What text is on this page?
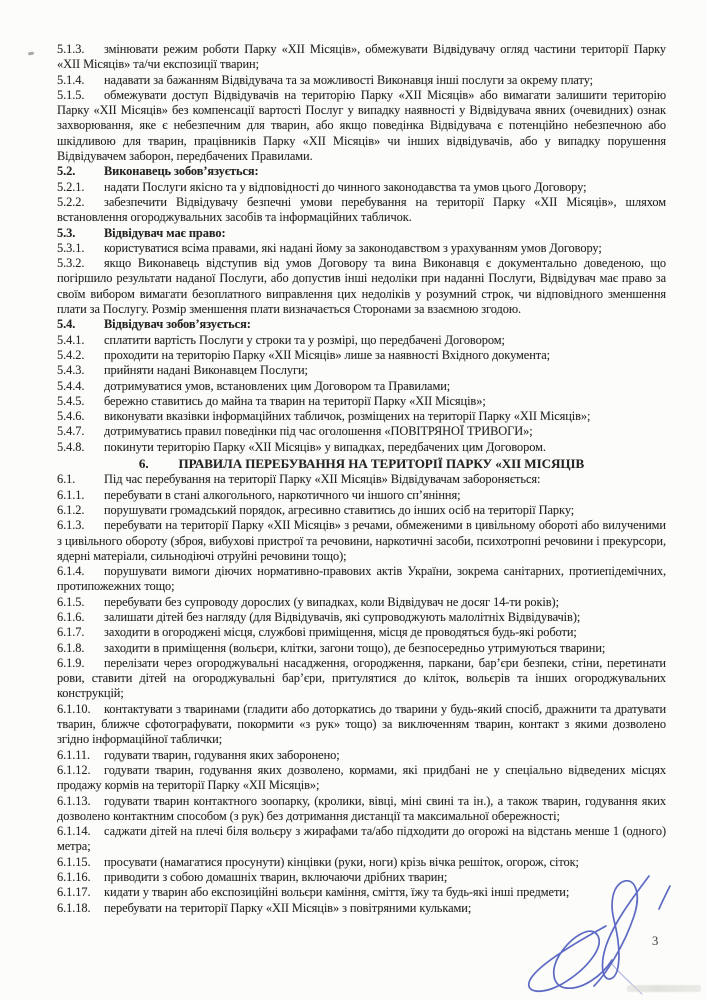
5.1.3. змінювати режим роботи Парку «ХІІ Місяців», обмежувати Відвідувачу огляд частини території Парку «ХІІ Місяців» та/чи експозиції тварин;

5.1.4. надавати за бажанням Відвідувача та за можливості Виконавця інші послуги за окрему плату;

5.1.5. обмежувати доступ Відвідувачів на територію Парку «ХІІ Місяців» або вимагати залишити територію Парку «ХІІ Місяців» без компенсації вартості Послуг у випадку наявності у Відвідувача явних (очевидних) ознак захворювання, яке є небезпечним для тварин, або якщо поведінка Відвідувача є потенційно небезпечною або шкідливою для тварин, працівників Парку «ХІІ Місяців» чи інших відвідувачів, або у випадку порушення Відвідувачем заборон, передбачених Правилами.

5.2. Виконавець зобов’язується:

5.2.1. надати Послуги якісно та у відповідності до чинного законодавства та умов цього Договору;

5.2.2. забезпечити Відвідувачу безпечні умови перебування на території Парку «ХІІ Місяців», шляхом встановлення огороджувальних засобів та інформаційних табличок.

5.3. Відвідувач має право:

5.3.1. користуватися всіма правами, які надані йому за законодавством з урахуванням умов Договору;

5.3.2. якщо Виконавець відступив від умов Договору та вина Виконавця є документально доведеною, що погіршило результати наданої Послуги, або допустив інші недоліки при наданні Послуги, Відвідувач має право за своїм вибором вимагати безоплатного виправлення цих недоліків у розумний строк, чи відповідного зменшення плати за Послугу. Розмір зменшення плати визначається Сторонами за взаємною згодою.

5.4. Відвідувач зобов’язується:

5.4.1. сплатити вартість Послуги у строки та у розмірі, що передбачені Договором;

5.4.2. проходити на територію Парку «ХІІ Місяців» лише за наявності Вхідного документа;

5.4.3. прийняти надані Виконавцем Послуги;

5.4.4. дотримуватися умов, встановлених цим Договором та Правилами;

5.4.5. бережно ставитись до майна та тварин на території Парку «ХІІ Місяців»;

5.4.6. виконувати вказівки інформаційних табличок, розміщених на території Парку «ХІІ Місяців»;

5.4.7. дотримуватись правил поведінки під час оголошення «ПОВІТРЯНОЇ ТРИВОГИ»;

5.4.8. покинути територію Парку «ХІІ Місяців» у випадках, передбачених цим Договором.

6. ПРАВИЛА ПЕРЕБУВАННЯ НА ТЕРИТОРІЇ ПАРКУ «ХІІ МІСЯЦІВ

6.1. Під час перебування на території Парку «ХІІ Місяців» Відвідувачам забороняється:

6.1.1. перебувати в стані алкогольного, наркотичного чи іншого сп’яніння;

6.1.2. порушувати громадський порядок, агресивно ставитись до інших осіб на території Парку;

6.1.3. перебувати на території Парку «ХІІ Місяців» з речами, обмеженими в цивільному обороті або вилученими з цивільного обороту (зброя, вибухові пристрої та речовини, наркотичні засоби, психотропні речовини і прекурсори, ядерні матеріали, сильнодіючі отруйні речовини тощо);

6.1.4. порушувати вимоги діючих нормативно-правових актів України, зокрема санітарних, протиепідемічних, протипожежних тощо;

6.1.5. перебувати без супроводу дорослих (у випадках, коли Відвідувач не досяг 14-ти років);

6.1.6. залишати дітей без нагляду (для Відвідувачів, які супроводжують малолітніх Відвідувачів);

6.1.7. заходити в огороджені місця, службові приміщення, місця де проводяться будь-які роботи;

6.1.8. заходити в приміщення (вольєри, клітки, загони тощо), де безпосередньо утримуються тварини;

6.1.9. перелізати через огороджувальні насадження, огородження, паркани, бар’єри безпеки, стіни, перетинати рови, ставити дітей на огороджувальні бар’єри, притулятися до кліток, вольєрів та інших огороджувальних конструкцій;

6.1.10. контактувати з тваринами (гладити або доторкатись до тварини у будь-який спосіб, дражнити та дратувати тварин, ближче сфотографувати, покормити «з рук» тощо) за виключенням тварин, контакт з якими дозволено згідно інформаційної таблички;

6.1.11. годувати тварин, годування яких заборонено;

6.1.12. годувати тварин, годування яких дозволено, кормами, які придбані не у спеціально відведених місцях продажу кормів на території Парку «ХІІ Місяців»;

6.1.13. годувати тварин контактного зоопарку, (кролики, вівці, міні свині та ін.), а також тварин, годування яких дозволено контактним способом (з рук) без дотримання дистанції та максимальної обережності;

6.1.14. саджати дітей на плечі біля вольєру з жирафами та/або підходити до огорожі на відстань менше 1 (одного) метра;

6.1.15. просувати (намагатися просунути) кінцівки (руки, ноги) крізь вічка решіток, огорож, сіток;

6.1.16. приводити з собою домашніх тварин, включаючи дрібних тварин;

6.1.17. кидати у тварин або експозиційні вольєри каміння, сміття, їжу та будь-які інші предмети;

6.1.18. перебувати на території Парку «ХІІ Місяців» з повітряними кульками;

3
